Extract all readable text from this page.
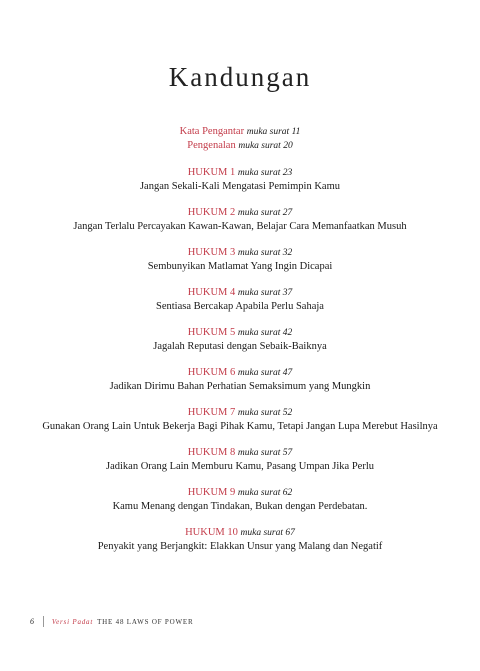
Kandungan
Kata Pengantar muka surat 11
Pengenalan muka surat 20
HUKUM 1 muka surat 23
Jangan Sekali-Kali Mengatasi Pemimpin Kamu
HUKUM 2 muka surat 27
Jangan Terlalu Percayakan Kawan-Kawan, Belajar Cara Memanfaatkan Musuh
HUKUM 3 muka surat 32
Sembunyikan Matlamat Yang Ingin Dicapai
HUKUM 4 muka surat 37
Sentiasa Bercakap Apabila Perlu Sahaja
HUKUM 5 muka surat 42
Jagalah Reputasi dengan Sebaik-Baiknya
HUKUM 6 muka surat 47
Jadikan Dirimu Bahan Perhatian Semaksimum yang Mungkin
HUKUM 7 muka surat 52
Gunakan Orang Lain Untuk Bekerja Bagi Pihak Kamu, Tetapi Jangan Lupa Merebut Hasilnya
HUKUM 8 muka surat 57
Jadikan Orang Lain Memburu Kamu, Pasang Umpan Jika Perlu
HUKUM 9 muka surat 62
Kamu Menang dengan Tindakan, Bukan dengan Perdebatan.
HUKUM 10 muka surat 67
Penyakit yang Berjangkit: Elakkan Unsur yang Malang dan Negatif
6 Versi Padat THE 48 LAWS OF POWER
